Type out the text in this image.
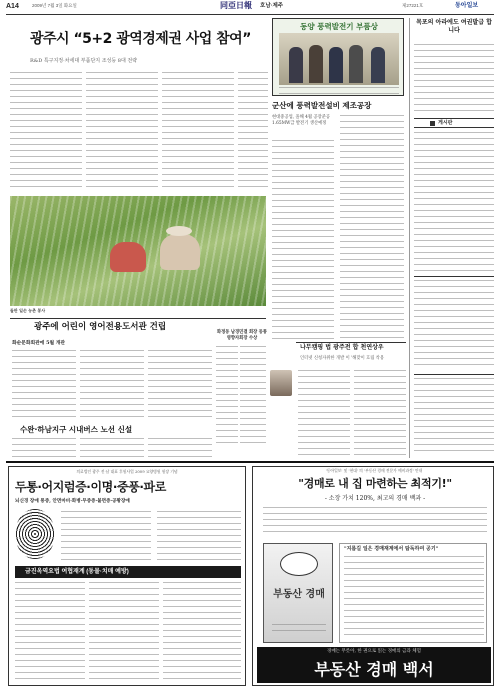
A14	2009년 7월 3일 화요일	同亞日報 호남·제주	제27221호	동아일보
광주시 “5+2 광역경제권 사업 참여”
R&D 특구지정·차세대 부품단지 조성등 8대 전략
들판 일손 농촌 봉사
동양 풍력발전기 부품상
군산에 풍력발전설비 제조공장
현대중공업, 올해 4월 공장준공 1.65MW급 발전기 생산예정
목포의 아라에도 여권발급 합니다
게시판
광주에 어린이 영어전용도서관 건립
화순문화회관에 5월 개관
화정동 남경민결 회장 동통영향자회장 수상

수완·하남지구 시내버스 노선 신설
나무캠핑 법 광주전 합 천연상우
인터넷 신청자위한 개발 이 '해맞이 흐림 착용
의료법인 광주 전·남 대표 후원사업 2009 요양병원 원장 기념
두통·어지럼증·이명·중풍·파로
뇌신경 장애 통증, 안면마비·화병·무증증·불면증·공황장애
금진옥역요법 여협재계 (동물·치매 예방)
'동아일보' 및 '현대' 의 '부동산 경매 전문가 예비과정' 안내
"경매로 내 집 마련하는 최적기!"
- 소장 가치 120%, 최고의 경매 백과 -
부동산 경매
"지름길 일은 경매재계에서 탐독하여 공기"
경매는 무릇아, 한 권으로 읽는 경매의 금과 체험
부동산 경매 백서
